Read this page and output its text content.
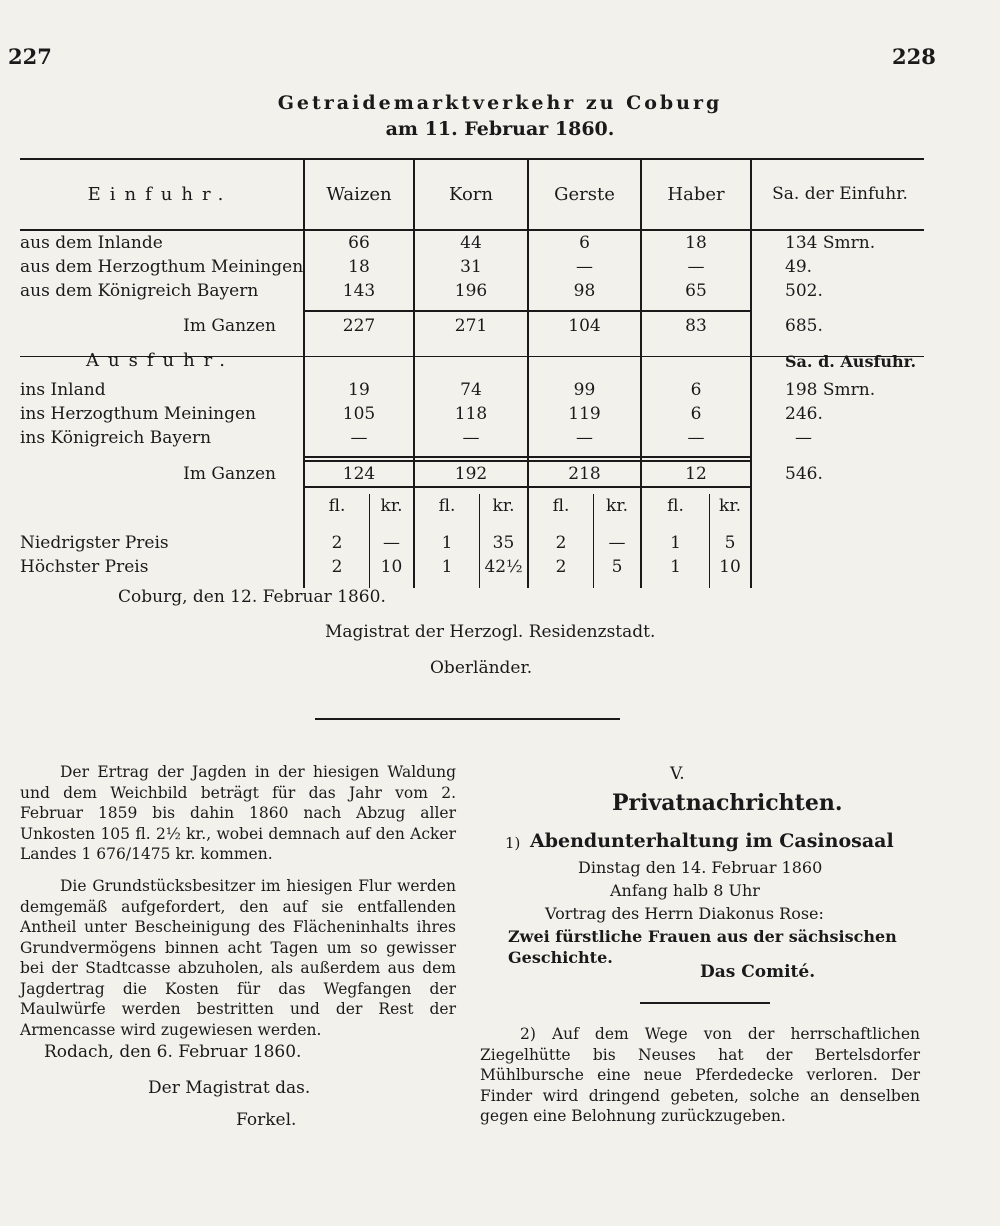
227	228
Getraidemarktverkehr zu Coburg
am 11. Februar 1860.
Einfuhr.	Waizen	Korn	Gerste	Haber	Sa. der Einfuhr.
aus dem Inlande	66	44	6	18	134 Smrn.
aus dem Herzogthum Meiningen	18	31	—	—	49.
aus dem Königreich Bayern	143	196	98	65	502.
Im Ganzen	227	271	104	83	685.
Ausfuhr.	Sa. d. Ausfuhr.
ins Inland	19	74	99	6	198 Smrn.
ins Herzogthum Meiningen	105	118	119	6	246.
ins Königreich Bayern	—	—	—	—	—
Im Ganzen	124	192	218	12	546.
fl.	kr.	fl.	kr.	fl.	kr.	fl.	kr.
Niedrigster Preis	2	—	1	35	2	—	1	5
Höchster Preis	2	10	1	42½	2	5	1	10
Coburg, den 12. Februar 1860.
Magistrat der Herzogl. Residenzstadt.
Oberländer.
Der Ertrag der Jagden in der hiesigen Waldung und dem Weichbild beträgt für das Jahr vom 2. Februar 1859 bis dahin 1860 nach Abzug aller Unkosten 105 fl. 2½ kr., wobei demnach auf den Acker Landes 1 676/1475 kr. kommen.
Die Grundstücksbesitzer im hiesigen Flur werden demgemäß aufgefordert, den auf sie entfallenden Antheil unter Bescheinigung des Flächeninhalts ihres Grundvermögens binnen acht Tagen um so gewisser bei der Stadtcasse abzuholen, als außerdem aus dem Jagdertrag die Kosten für das Wegfangen der Maulwürfe werden bestritten und der Rest der Armencasse wird zugewiesen werden.
Rodach, den 6. Februar 1860.
Der Magistrat das.
Forkel.
V.
Privatnachrichten.
1) Abendunterhaltung im Casinosaal
Dinstag den 14. Februar 1860
Anfang halb 8 Uhr
Vortrag des Herrn Diakonus Rose:
Zwei fürstliche Frauen aus der sächsischen Geschichte.
Das Comité.
2) Auf dem Wege von der herrschaftlichen Ziegelhütte bis Neuses hat der Bertelsdorfer Mühlbursche eine neue Pferdedecke verloren. Der Finder wird dringend gebeten, solche an denselben gegen eine Belohnung zurückzugeben.
